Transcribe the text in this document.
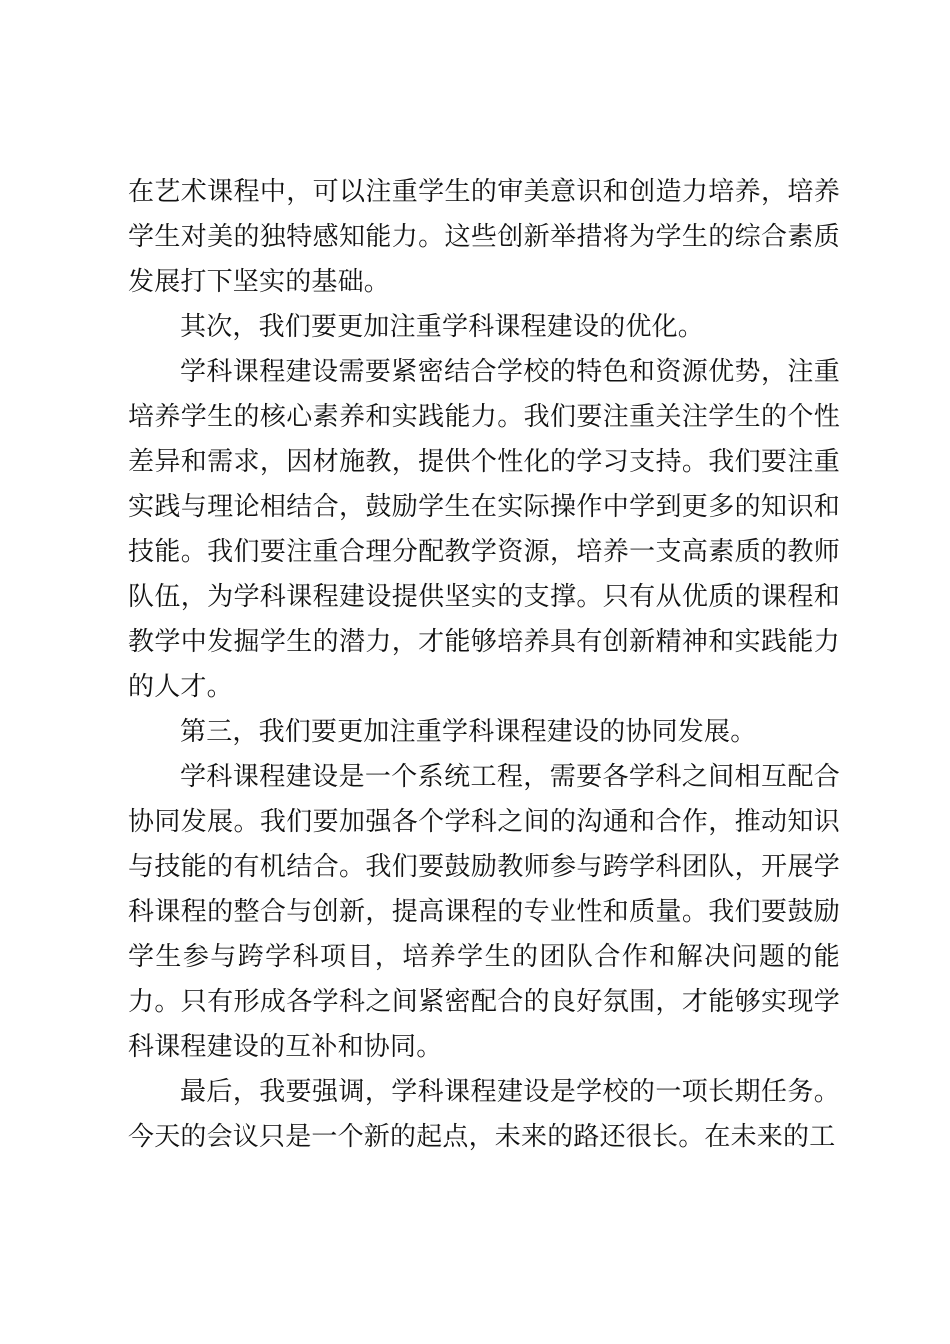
在艺术课程中，可以注重学生的审美意识和创造力培养，培养学生对美的独特感知能力。这些创新举措将为学生的综合素质发展打下坚实的基础。

其次，我们要更加注重学科课程建设的优化。

学科课程建设需要紧密结合学校的特色和资源优势，注重培养学生的核心素养和实践能力。我们要注重关注学生的个性差异和需求，因材施教，提供个性化的学习支持。我们要注重实践与理论相结合，鼓励学生在实际操作中学到更多的知识和技能。我们要注重合理分配教学资源，培养一支高素质的教师队伍，为学科课程建设提供坚实的支撑。只有从优质的课程和教学中发掘学生的潜力，才能够培养具有创新精神和实践能力的人才。

第三，我们要更加注重学科课程建设的协同发展。

学科课程建设是一个系统工程，需要各学科之间相互配合协同发展。我们要加强各个学科之间的沟通和合作，推动知识与技能的有机结合。我们要鼓励教师参与跨学科团队，开展学科课程的整合与创新，提高课程的专业性和质量。我们要鼓励学生参与跨学科项目，培养学生的团队合作和解决问题的能力。只有形成各学科之间紧密配合的良好氛围，才能够实现学科课程建设的互补和协同。

最后，我要强调，学科课程建设是学校的一项长期任务。今天的会议只是一个新的起点，未来的路还很长。在未来的工
